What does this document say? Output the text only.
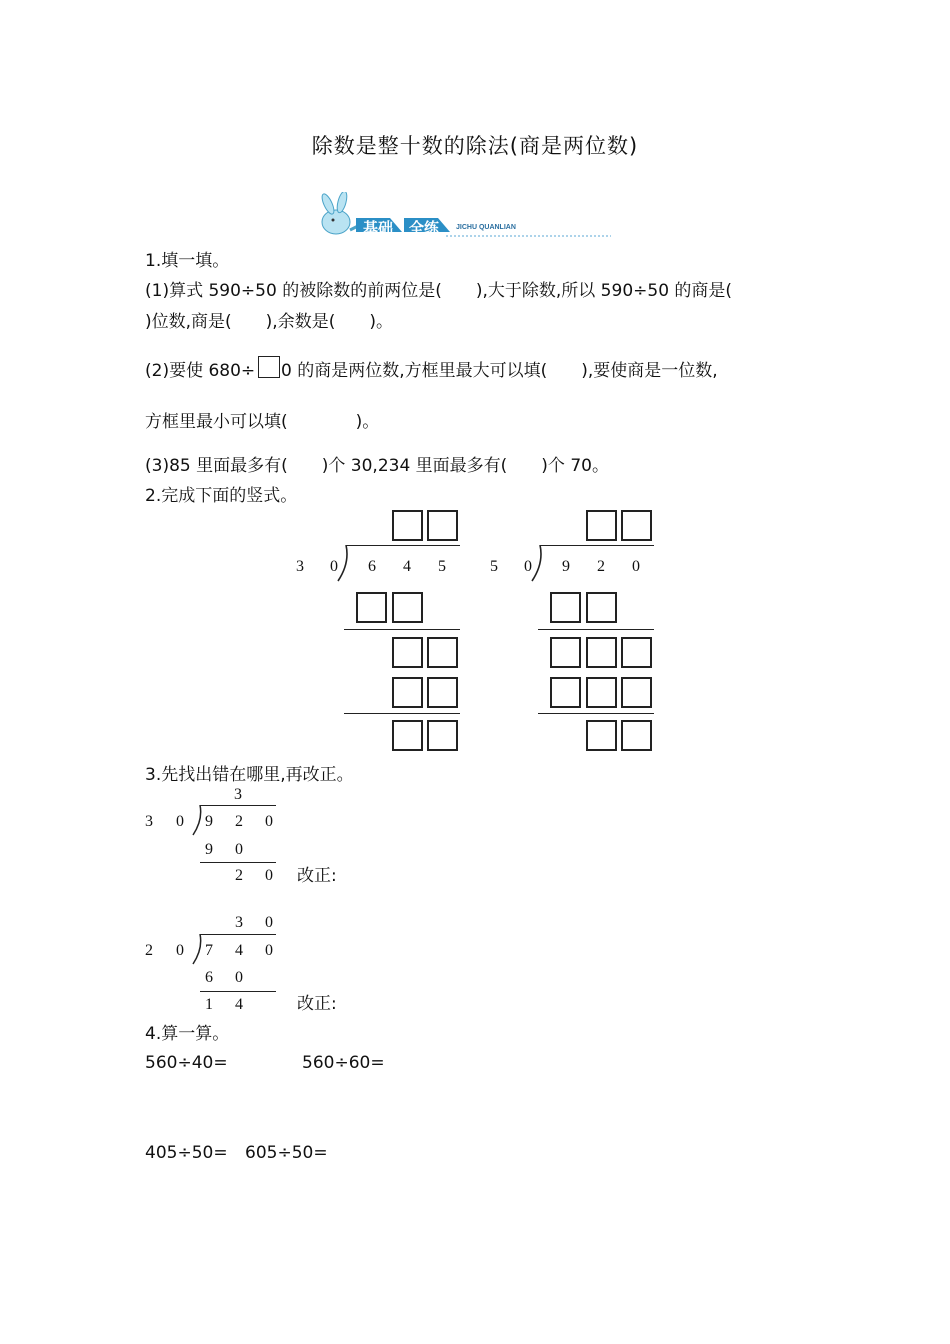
除数是整十数的除法(商是两位数)
基础 全练 JICHU QUANLIAN
1.填一填。
(1)算式 590÷50 的被除数的前两位是(　　),大于除数,所以 590÷50 的商是(
)位数,商是(　　),余数是(　　)。
(2)要使 680÷ 0 的商是两位数,方框里最大可以填(　　),要使商是一位数,
方框里最小可以填(　　　　)。
(3)85 里面最多有(　　)个 30,234 里面最多有(　　)个 70。
2.完成下面的竖式。
3 0 6 4 5	5 0 9 2 0
3.先找出错在哪里,再改正。
3
3 0 9 2 0
9 0
2 0 改正:
3 0
2 0 7 4 0
6 0
1 4	改正:
4.算一算。
560÷40=	560÷60=
405÷50= 605÷50=
